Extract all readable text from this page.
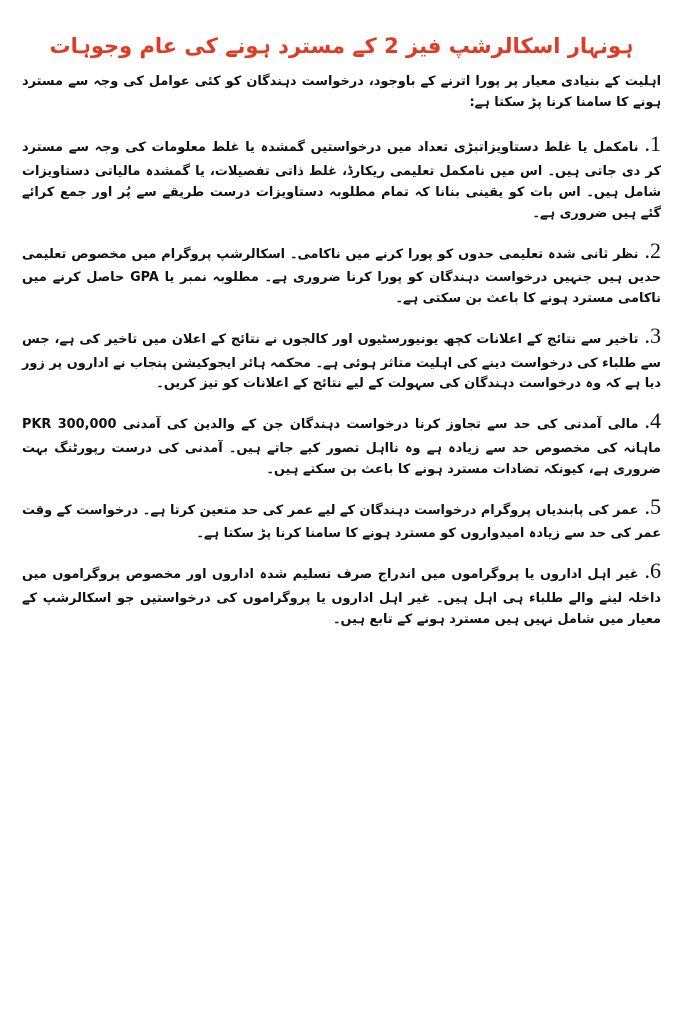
ہونہار اسکالرشپ فیز 2 کے مسترد ہونے کی عام وجوہات

اہلیت کے بنیادی معیار پر پورا اترنے کے باوجود، درخواست دہندگان کو کئی عوامل کی وجہ سے مسترد ہونے کا سامنا کرنا پڑ سکتا ہے:

1.نامکمل یا غلط دستاویزاتبڑی تعداد میں درخواستیں گمشدہ یا غلط معلومات کی وجہ سے مسترد کر دی جاتی ہیں۔ اس میں نامکمل تعلیمی ریکارڈ، غلط ذاتی تفصیلات، یا گمشدہ مالیاتی دستاویزات شامل ہیں۔ اس بات کو یقینی بنانا کہ تمام مطلوبہ دستاویزات درست طریقے سے پُر اور جمع کرائے گئے ہیں ضروری ہے۔
2.نظر ثانی شدہ تعلیمی حدوں کو پورا کرنے میں ناکامی۔ اسکالرشپ پروگرام میں مخصوص تعلیمی حدیں ہیں جنہیں درخواست دہندگان کو پورا کرنا ضروری ہے۔ مطلوبہ نمبر یا GPA حاصل کرنے میں ناکامی مسترد ہونے کا باعث بن سکتی ہے۔
3.تاخیر سے نتائج کے اعلانات کچھ یونیورسٹیوں اور کالجوں نے نتائج کے اعلان میں تاخیر کی ہے، جس سے طلباء کی درخواست دینے کی اہلیت متاثر ہوئی ہے۔ محکمہ ہائر ایجوکیشن پنجاب نے اداروں پر زور دیا ہے کہ وہ درخواست دہندگان کی سہولت کے لیے نتائج کے اعلانات کو تیز کریں۔
4.مالی آمدنی کی حد سے تجاوز کرنا درخواست دہندگان جن کے والدین کی آمدنی PKR 300,000 ماہانہ کی مخصوص حد سے زیادہ ہے وہ نااہل تصور کیے جاتے ہیں۔ آمدنی کی درست رپورٹنگ بہت ضروری ہے، کیونکہ تضادات مسترد ہونے کا باعث بن سکتے ہیں۔
5.عمر کی پابندیاں پروگرام درخواست دہندگان کے لیے عمر کی حد متعین کرتا ہے۔ درخواست کے وقت عمر کی حد سے زیادہ امیدواروں کو مسترد ہونے کا سامنا کرنا پڑ سکتا ہے۔
6.غیر اہل اداروں یا پروگراموں میں اندراج صرف تسلیم شدہ اداروں اور مخصوص پروگراموں میں داخلہ لینے والے طلباء ہی اہل ہیں۔ غیر اہل اداروں یا پروگراموں کی درخواستیں جو اسکالرشپ کے معیار میں شامل نہیں ہیں مسترد ہونے کے تابع ہیں۔
